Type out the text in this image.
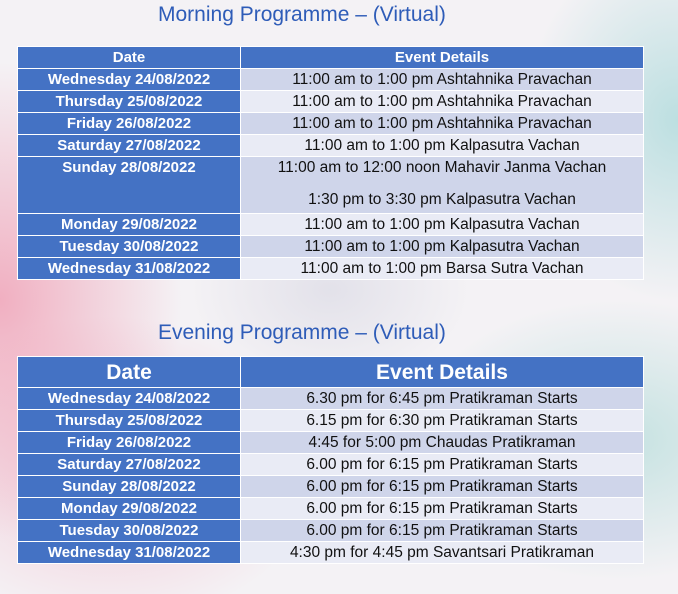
Morning Programme – (Virtual)
Date	Event Details
Wednesday 24/08/2022	11:00 am to 1:00 pm Ashtahnika Pravachan
Thursday 25/08/2022	11:00 am to 1:00 pm Ashtahnika Pravachan
Friday 26/08/2022	11:00 am to 1:00 pm Ashtahnika Pravachan
Saturday 27/08/2022	11:00 am to 1:00 pm Kalpasutra Vachan
Sunday 28/08/2022	11:00 am to 12:00 noon Mahavir Janma Vachan
1:30 pm to 3:30 pm Kalpasutra Vachan

Monday 29/08/2022	11:00 am to 1:00 pm Kalpasutra Vachan
Tuesday 30/08/2022	11:00 am to 1:00 pm Kalpasutra Vachan
Wednesday 31/08/2022	11:00 am to 1:00 pm Barsa Sutra Vachan
Evening Programme – (Virtual)
Date	Event Details
Wednesday 24/08/2022	6.30 pm for 6:45 pm Pratikraman Starts
Thursday 25/08/2022	6.15 pm for 6:30 pm Pratikraman Starts
Friday 26/08/2022	4:45 for 5:00 pm Chaudas Pratikraman
Saturday 27/08/2022	6.00 pm for 6:15 pm Pratikraman Starts
Sunday 28/08/2022	6.00 pm for 6:15 pm Pratikraman Starts
Monday 29/08/2022	6.00 pm for 6:15 pm Pratikraman Starts
Tuesday 30/08/2022	6.00 pm for 6:15 pm Pratikraman Starts
Wednesday 31/08/2022	4:30 pm for 4:45 pm Savantsari Pratikraman
